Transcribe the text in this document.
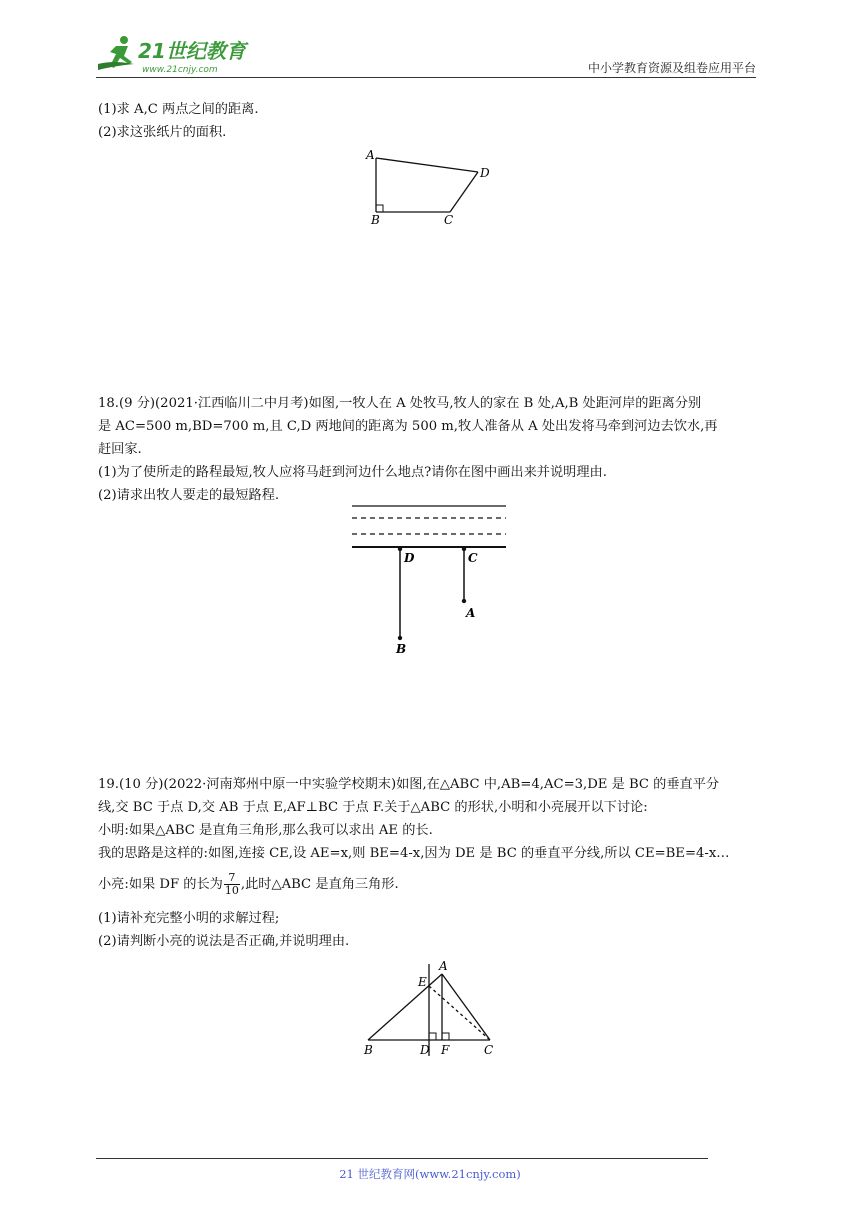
21世纪教育
www.21cnjy.com	中小学教育资源及组卷应用平台
(1)求 A,C 两点之间的距离.
(2)求这张纸片的面积.
A
B	C
D
18.(9 分)(2021·江西临川二中月考)如图,一牧人在 A 处牧马,牧人的家在 B 处,A,B 处距河岸的距离分别
是 AC=500 m,BD=700 m,且 C,D 两地间的距离为 500 m,牧人准备从 A 处出发将马牵到河边去饮水,再
赶回家.
(1)为了使所走的路程最短,牧人应将马赶到河边什么地点?请你在图中画出来并说明理由.
(2)请求出牧人要走的最短路程.
D	C
A
B
19.(10 分)(2022·河南郑州中原一中实验学校期末)如图,在△ABC 中,AB=4,AC=3,DE 是 BC 的垂直平分
线,交 BC 于点 D,交 AB 于点 E,AF⊥BC 于点 F.关于△ABC 的形状,小明和小亮展开以下讨论:
小明:如果△ABC 是直角三角形,那么我可以求出 AE 的长.
我的思路是这样的:如图,连接 CE,设 AE=x,则 BE=4-x,因为 DE 是 BC 的垂直平分线,所以 CE=BE=4-x…
小亮:如果 DF 的长为 $\frac{7}{10}$ ,此时△ABC 是直角三角形.
(1)请补充完整小明的求解过程;
(2)请判断小亮的说法是否正确,并说明理由.
E
A
B	D F	C
21 世纪教育网(www.21cnjy.com)
